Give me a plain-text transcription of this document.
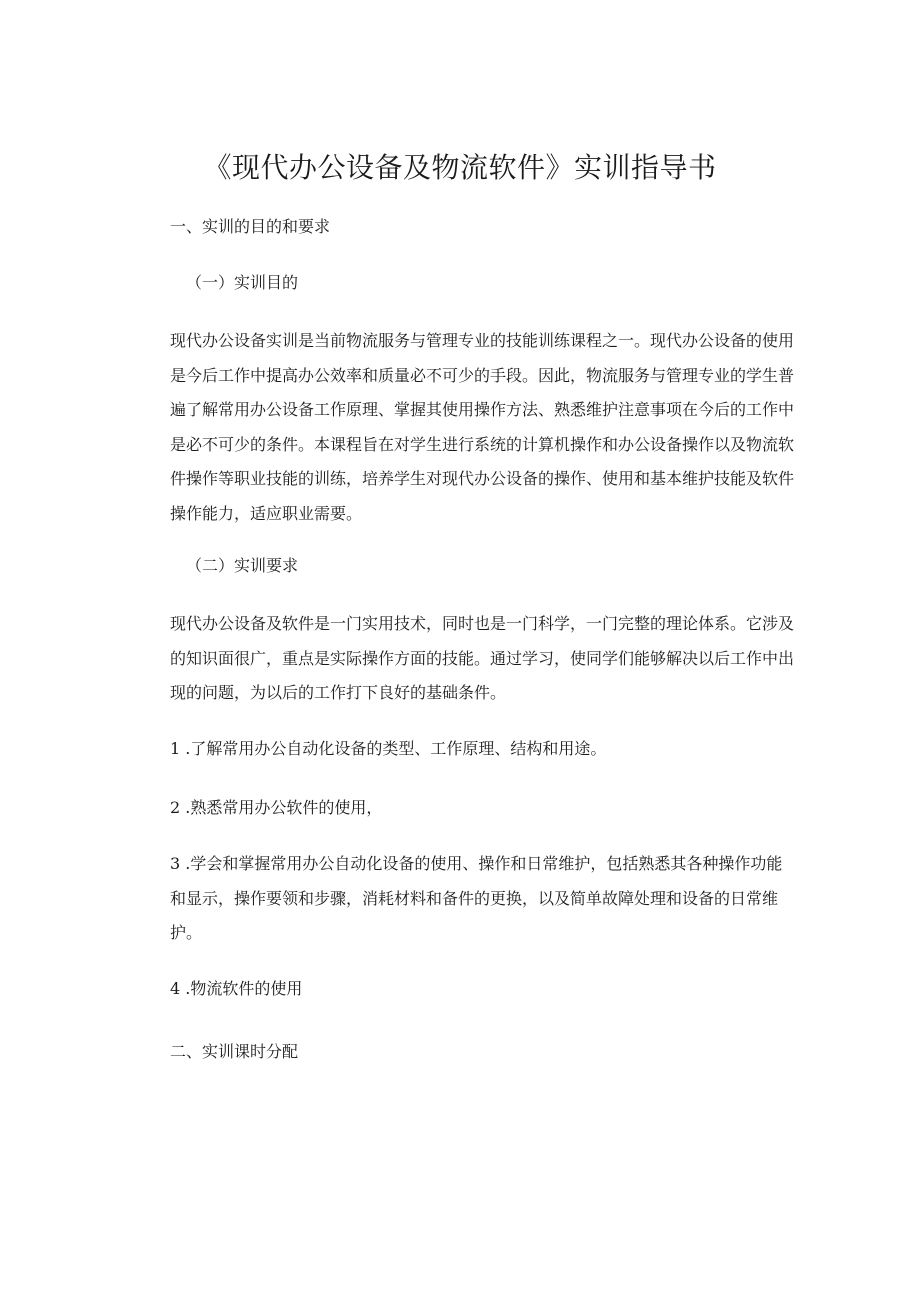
《现代办公设备及物流软件》实训指导书
一、实训的目的和要求
（一）实训目的

现代办公设备实训是当前物流服务与管理专业的技能训练课程之一。现代办公设备的使用是今后工作中提高办公效率和质量必不可少的手段。因此，物流服务与管理专业的学生普遍了解常用办公设备工作原理、掌握其使用操作方法、熟悉维护注意事项在今后的工作中是必不可少的条件。本课程旨在对学生进行系统的计算机操作和办公设备操作以及物流软件操作等职业技能的训练，培养学生对现代办公设备的操作、使用和基本维护技能及软件操作能力，适应职业需要。

（二）实训要求

现代办公设备及软件是一门实用技术，同时也是一门科学，一门完整的理论体系。它涉及的知识面很广，重点是实际操作方面的技能。通过学习，使同学们能够解决以后工作中出现的问题，为以后的工作打下良好的基础条件。

1 .了解常用办公自动化设备的类型、工作原理、结构和用途。

2 .熟悉常用办公软件的使用，

3 .学会和掌握常用办公自动化设备的使用、操作和日常维护，包括熟悉其各种操作功能和显示，操作要领和步骤，消耗材料和备件的更换，以及简单故障处理和设备的日常维护。

4 .物流软件的使用

二、实训课时分配
